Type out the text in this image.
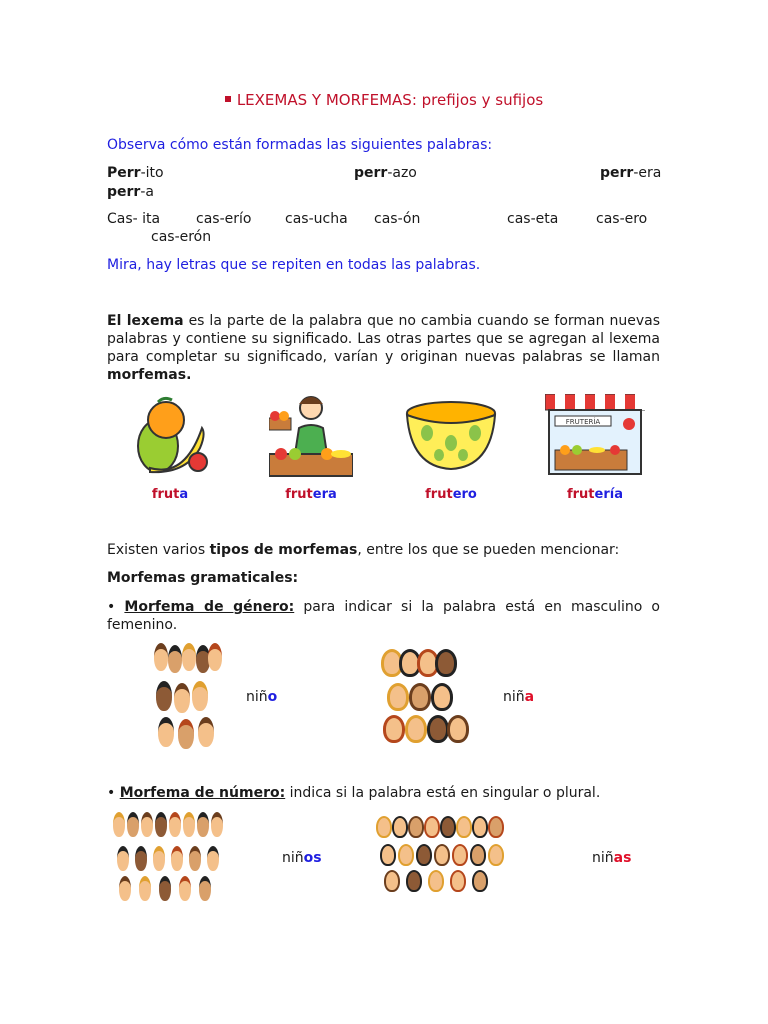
LEXEMAS Y MORFEMAS: prefijos y sufijos
Observa cómo están formadas las siguientes palabras:
Perr-ito	perr-azo	perr-era
perr-a
Cas- ita	cas-erío cas-ucha cas-ón	cas-eta	cas-ero
cas-erón
Mira, hay letras que se repiten en todas las palabras.
El lexema es la parte de la palabra que no cambia cuando se forman nuevas palabras y contiene su significado. Las otras partes que se agregan al lexema para completar su significado, varían y originan nuevas palabras se llaman morfemas.
fruta	frutera	frutero
FRUTERÍA
frutería
Existen varios tipos de morfemas, entre los que se pueden mencionar:
Morfemas gramaticales:
• Morfema de género: para indicar si la palabra está en masculino o femenino.
niño	niña
• Morfema de número: indica si la palabra está en singular o plural.
niños	niñas
